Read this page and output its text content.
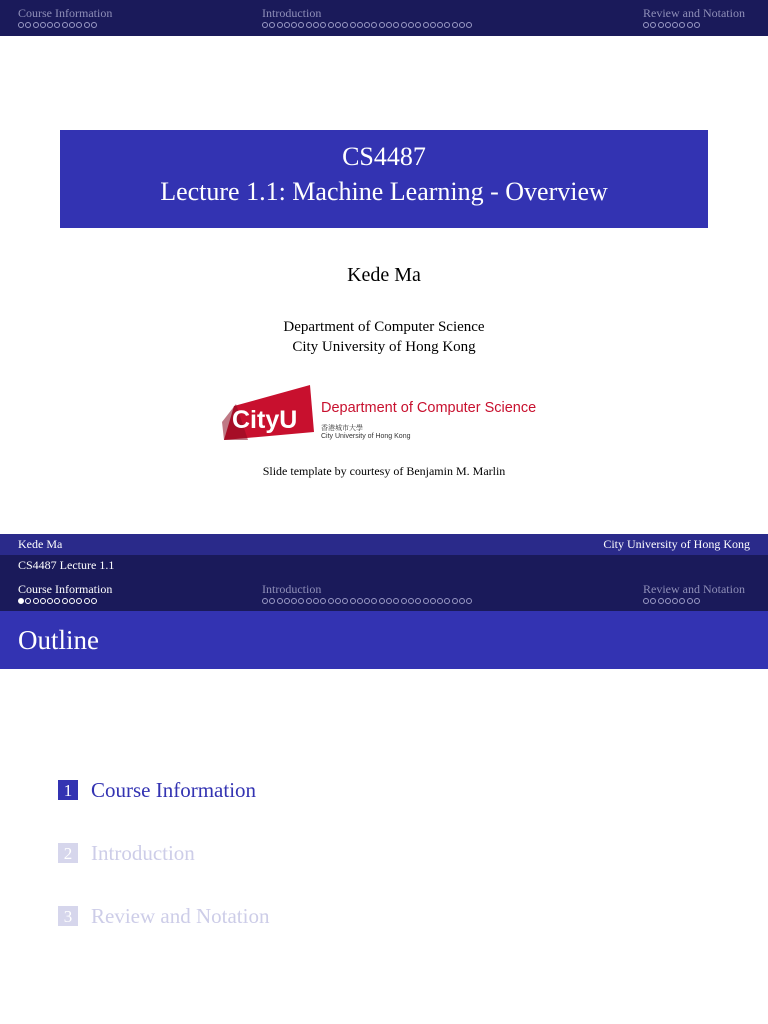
Course Information	Introduction	Review and Notation
CS4487
Lecture 1.1: Machine Learning - Overview
Kede Ma
Department of Computer Science
City University of Hong Kong
CityU Department of Computer Science
香港城市大學
City University of Hong Kong
Slide template by courtesy of Benjamin M. Marlin
Kede Ma	City University of Hong Kong
CS4487 Lecture 1.1
Course Information	Introduction	Review and Notation
Outline
1 Course Information
2 Introduction
3 Review and Notation
